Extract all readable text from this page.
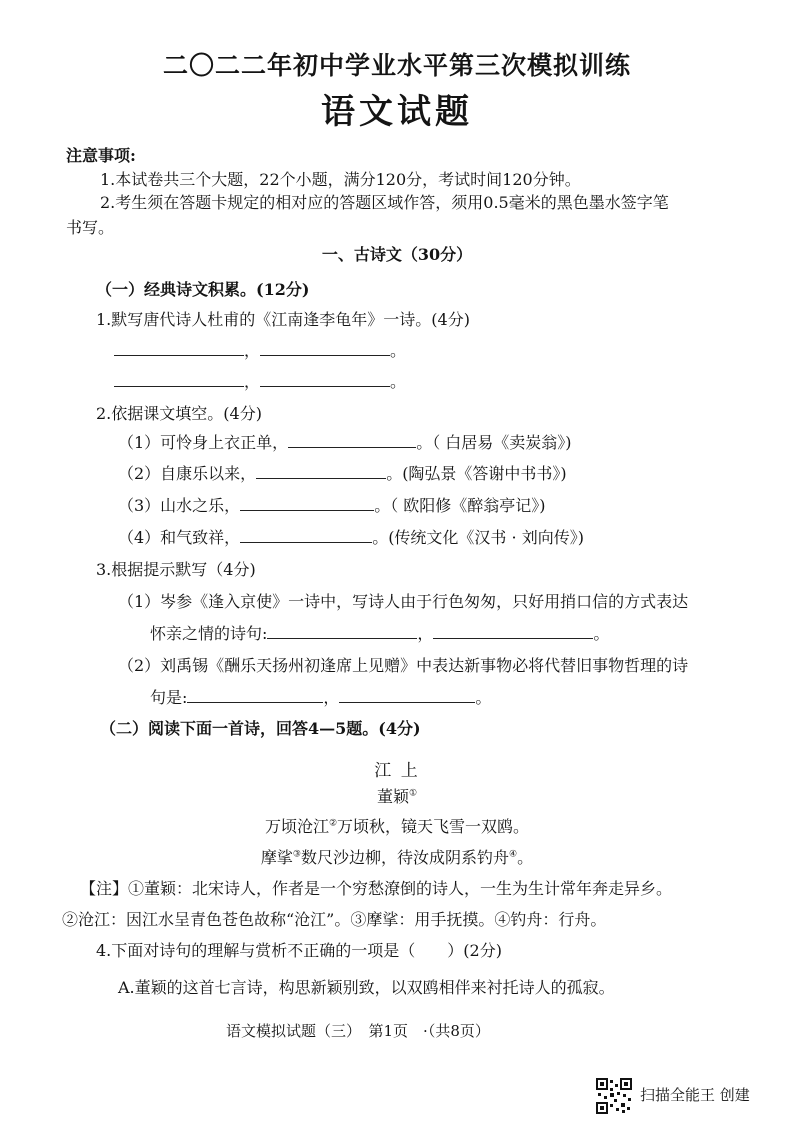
二〇二二年初中学业水平第三次模拟训练
语文试题
注意事项:
1.本试卷共三个大题，22个小题，满分120分，考试时间120分钟。
2.考生须在答题卡规定的相对应的答题区域作答，须用0.5毫米的黑色墨水签字笔
书写。
一、古诗文（30分）
（一）经典诗文积累。(12分)
1.默写唐代诗人杜甫的《江南逢李龟年》一诗。(4分)
，	。
，	。
2.依据课文填空。(4分)
（1）可怜身上衣正单，	。（ 白居易《卖炭翁》)
（2）自康乐以来，	。(陶弘景《答谢中书书》)
（3）山水之乐，	。（ 欧阳修《醉翁亭记》)
（4）和气致祥，	。(传统文化《汉书 · 刘向传》)
3.根据提示默写（4分)
（1）岑参《逢入京使》一诗中，写诗人由于行色匆匆，只好用捎口信的方式表达
怀亲之情的诗句:	，	。
（2）刘禹锡《酬乐天扬州初逢席上见赠》中表达新事物必将代替旧事物哲理的诗
句是:	，	。
（二）阅读下面一首诗，回答4—5题。(4分)
江 上
董颖①
万顷沧江②万顷秋，镜天飞雪一双鸥。
摩挲③数尺沙边柳，待汝成阴系钓舟④。
【注】①董颖：北宋诗人，作者是一个穷愁潦倒的诗人，一生为生计常年奔走异乡。
②沧江：因江水呈青色苍色故称“沧江”。③摩挲：用手抚摸。④钓舟：行舟。
4.下面对诗句的理解与赏析不正确的一项是（　　）(2分)
A.董颖的这首七言诗，构思新颖别致，以双鸥相伴来衬托诗人的孤寂。
语文模拟试题（三）　第1页　·（共8页）
扫描全能王 创建
